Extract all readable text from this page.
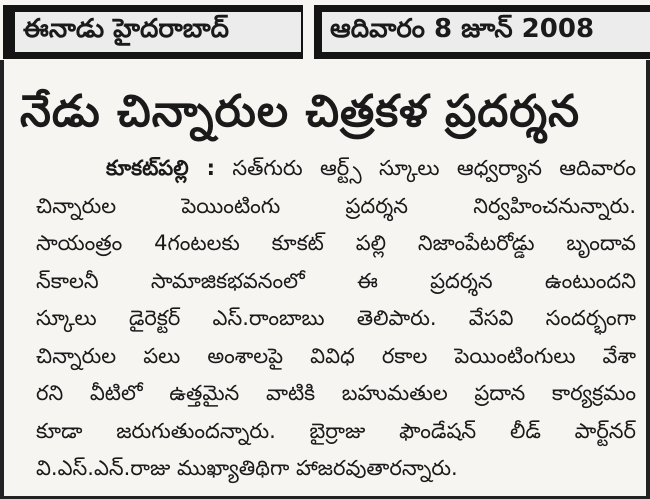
ఈనాడు హైదరాబాద్	ఆదివారం 8 జూన్ 2008
నేడు చిన్నారుల చిత్రకళ ప్రదర్శన
కూకట్‌పల్లి : సత్‌గురు ఆర్ట్స్ స్కూలు ఆధ్వర్యాన ఆదివారం
చిన్నారుల పెయింటింగు ప్రదర్శన నిర్వహించనున్నారు.
సాయంత్రం 4గంటలకు కూకట్ పల్లి నిజాంపేటరోడ్డు బృందావ
న్‌కాలనీ సామాజికభవనంలో ఈ ప్రదర్శన ఉంటుందని
స్కూలు డైరెక్టర్ ఎస్.రాంబాబు తెలిపారు. వేసవి సందర్భంగా
చిన్నారుల పలు అంశాలపై వివిధ రకాల పెయింటింగులు వేశా
రని వీటిలో ఉత్తమైన వాటికి బహుమతుల ప్రదాన కార్యక్రమం
కూడా జరుగుతుందన్నారు. బైర్రాజు ఫౌండేషన్ లీడ్ పార్ట్‌నర్
వి.ఎస్.ఎన్.రాజు ముఖ్యాతిథిగా హాజరవుతారన్నారు.
